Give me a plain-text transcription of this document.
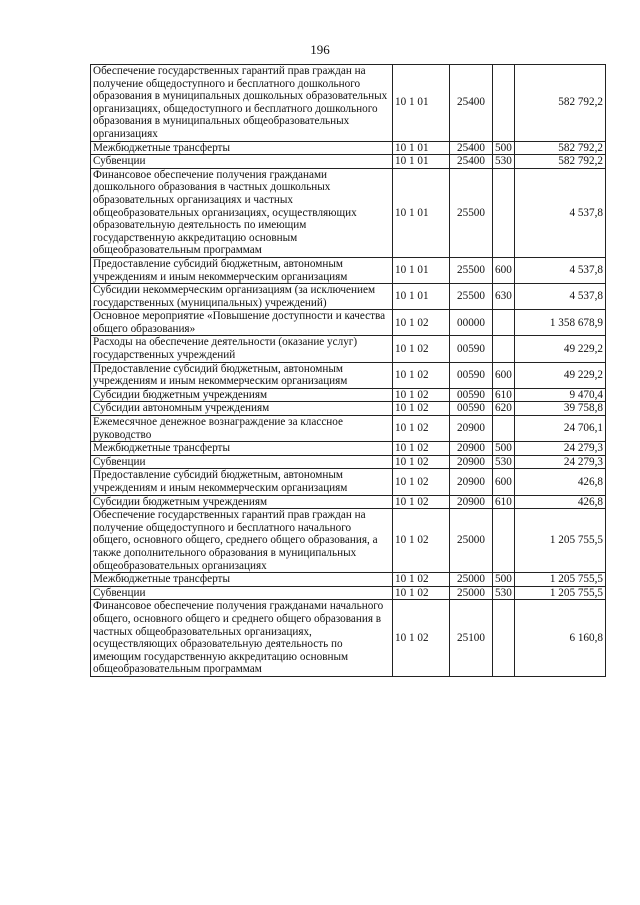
196
Обеспечение государственных гарантий прав граждан на получение общедоступного и бесплатного дошкольного образования в муниципальных дошкольных образовательных организациях, общедоступного и бесплатного дошкольного образования в муниципальных общеобразовательных организациях	10 1 01	25400		582 792,2
Межбюджетные трансферты	10 1 01	25400	500	582 792,2
Субвенции	10 1 01	25400	530	582 792,2
Финансовое обеспечение получения гражданами дошкольного образования в частных дошкольных образовательных организациях и частных общеобразовательных организациях, осуществляющих образовательную деятельность по имеющим государственную аккредитацию основным общеобразовательным программам	10 1 01	25500		4 537,8
Предоставление субсидий бюджетным, автономным учреждениям и иным некоммерческим организациям	10 1 01	25500	600	4 537,8
Субсидии некоммерческим организациям (за исключением государственных (муниципальных) учреждений)	10 1 01	25500	630	4 537,8
Основное мероприятие «Повышение доступности и качества общего образования»	10 1 02	00000		1 358 678,9
Расходы на обеспечение деятельности (оказание услуг) государственных учреждений	10 1 02	00590		49 229,2
Предоставление субсидий бюджетным, автономным учреждениям и иным некоммерческим организациям	10 1 02	00590	600	49 229,2
Субсидии бюджетным учреждениям	10 1 02	00590	610	9 470,4
Субсидии автономным учреждениям	10 1 02	00590	620	39 758,8
Ежемесячное денежное вознаграждение за классное руководство	10 1 02	20900		24 706,1
Межбюджетные трансферты	10 1 02	20900	500	24 279,3
Субвенции	10 1 02	20900	530	24 279,3
Предоставление субсидий бюджетным, автономным учреждениям и иным некоммерческим организациям	10 1 02	20900	600	426,8
Субсидии бюджетным учреждениям	10 1 02	20900	610	426,8
Обеспечение государственных гарантий прав граждан на получение общедоступного и бесплатного начального общего, основного общего, среднего общего образования, а также дополнительного образования в муниципальных общеобразовательных организациях	10 1 02	25000		1 205 755,5
Межбюджетные трансферты	10 1 02	25000	500	1 205 755,5
Субвенции	10 1 02	25000	530	1 205 755,5
Финансовое обеспечение получения гражданами начального общего, основного общего и среднего общего образования в частных общеобразовательных организациях, осуществляющих образовательную деятельность по имеющим государственную аккредитацию основным общеобразовательным программам	10 1 02	25100		6 160,8
